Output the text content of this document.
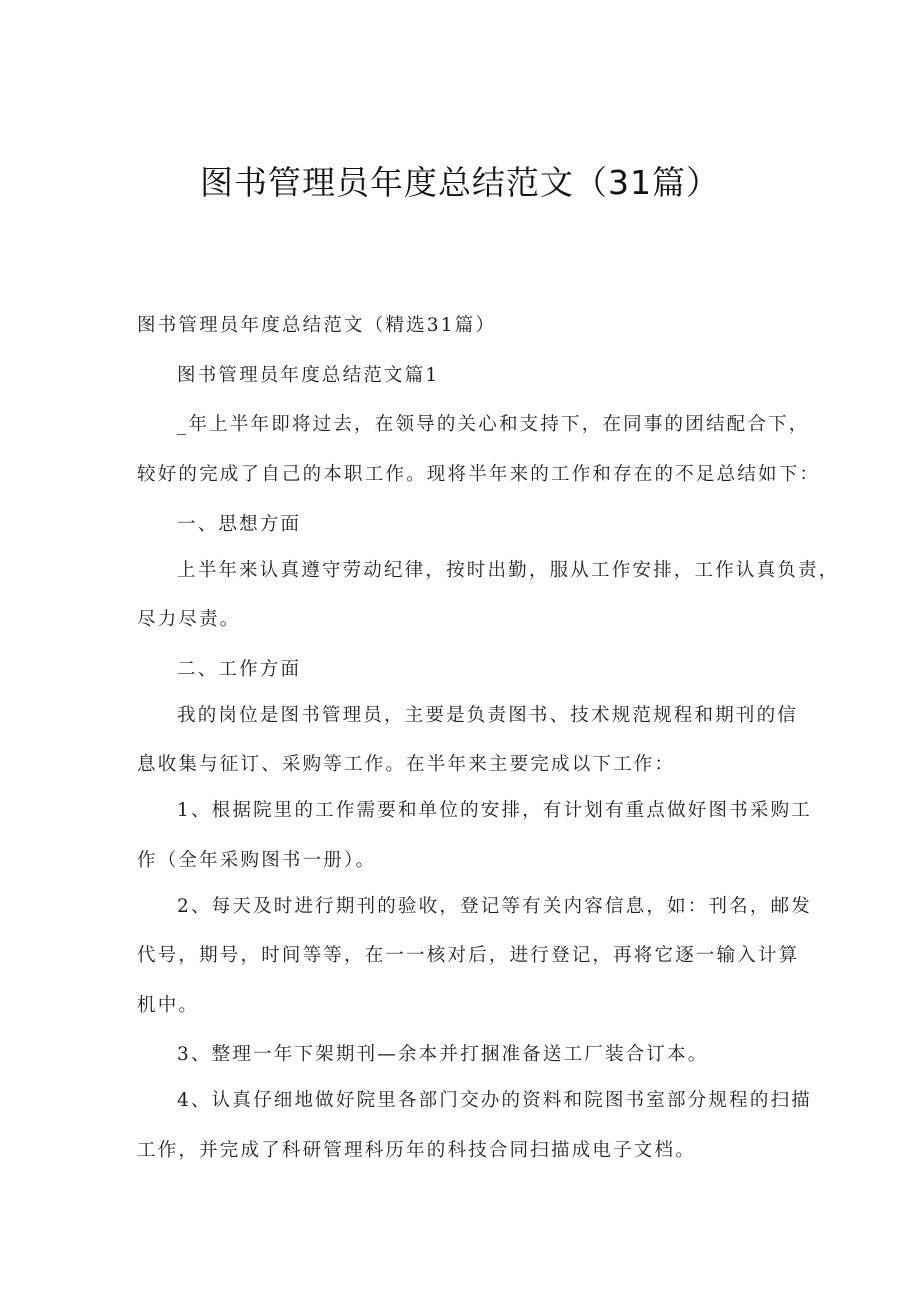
图书管理员年度总结范文（31篇）
图书管理员年度总结范文（精选31篇）
图书管理员年度总结范文篇1
_年上半年即将过去，在领导的关心和支持下，在同事的团结配合下，
较好的完成了自己的本职工作。现将半年来的工作和存在的不足总结如下：
一、思想方面
上半年来认真遵守劳动纪律，按时出勤，服从工作安排，工作认真负责，
尽力尽责。
二、工作方面
我的岗位是图书管理员，主要是负责图书、技术规范规程和期刊的信
息收集与征订、采购等工作。在半年来主要完成以下工作：
1、根据院里的工作需要和单位的安排，有计划有重点做好图书采购工
作（全年采购图书一册）。
2、每天及时进行期刊的验收，登记等有关内容信息，如：刊名，邮发
代号，期号，时间等等，在一一核对后，进行登记，再将它逐一输入计算
机中。
3、整理一年下架期刊—余本并打捆准备送工厂装合订本。
4、认真仔细地做好院里各部门交办的资料和院图书室部分规程的扫描
工作，并完成了科研管理科历年的科技合同扫描成电子文档。
